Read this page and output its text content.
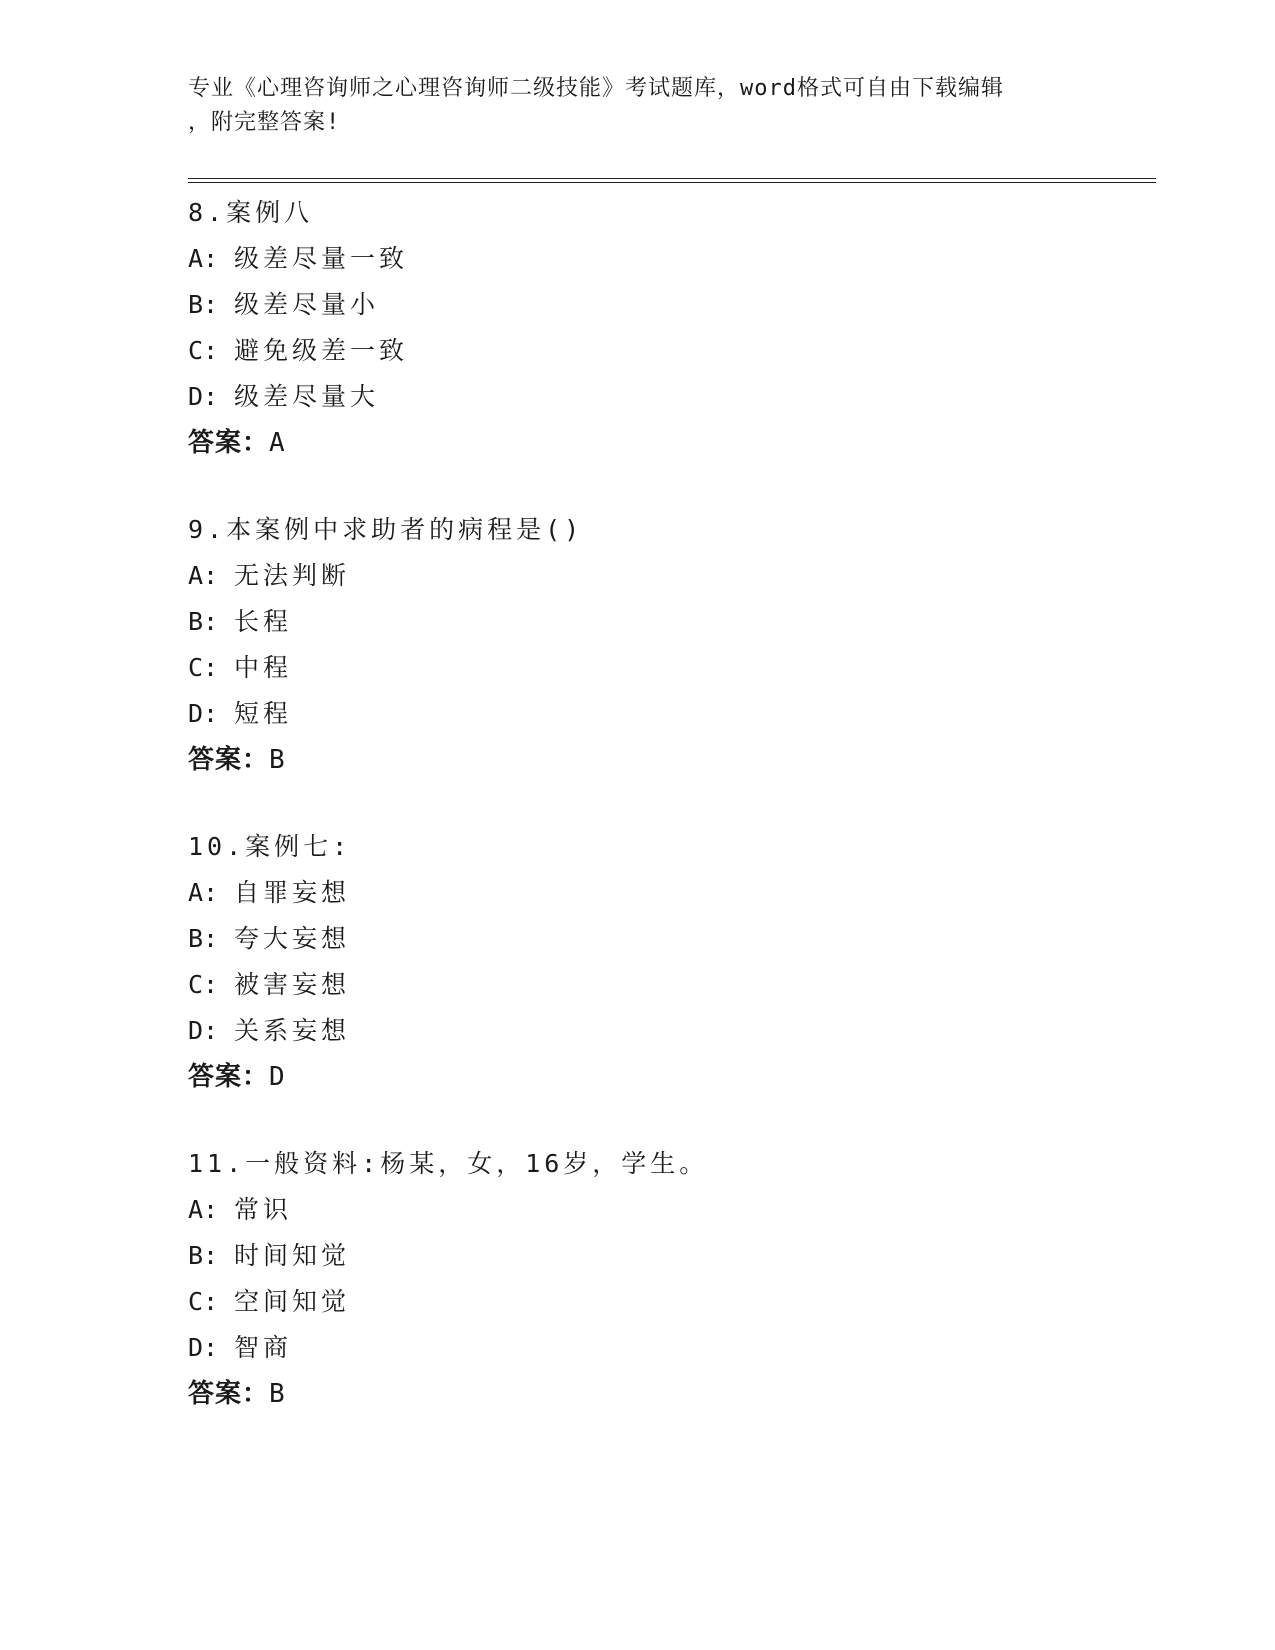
专业《心理咨询师之心理咨询师二级技能》考试题库，word格式可自由下载编辑
，附完整答案!
8.案例八
A: 级差尽量一致
B: 级差尽量小
C: 避免级差一致
D: 级差尽量大
答案：A
9.本案例中求助者的病程是()
A: 无法判断
B: 长程
C: 中程
D: 短程
答案：B
10.案例七:
A: 自罪妄想
B: 夸大妄想
C: 被害妄想
D: 关系妄想
答案：D
11.一般资料:杨某，女，16岁，学生。
A: 常识
B: 时间知觉
C: 空间知觉
D: 智商
答案：B
